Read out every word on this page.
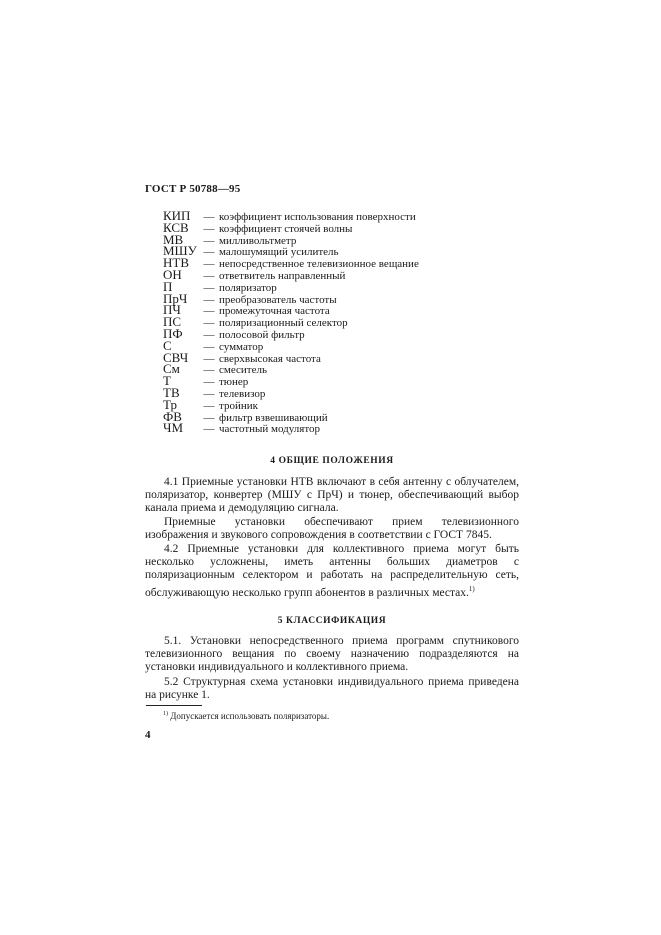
ГОСТ Р 50788—95
КИП	— коэффициент использования поверхности
КСВ	— коэффициент стоячей волны
МВ	— милливольтметр
МШУ — малошумящий усилитель
НТВ	— непосредственное телевизионное вещание
ОН	— ответвитель направленный
П	— поляризатор
ПрЧ	— преобразователь частоты
ПЧ	— промежуточная частота
ПС	— поляризационный селектор
ПФ	— полосовой фильтр
С	— сумматор
СВЧ	— сверхвысокая частота
См	— смеситель
Т	— тюнер
ТВ	— телевизор
Тр	— тройник
ФВ	— фильтр взвешивающий
ЧМ	— частотный модулятор
4 ОБЩИЕ ПОЛОЖЕНИЯ

4.1 Приемные установки НТВ включают в себя антенну с облучателем, поляризатор, конвертер (МШУ с ПрЧ) и тюнер, обеспечивающий выбор канала приема и демодуляцию сигнала.

Приемные установки обеспечивают прием телевизионного изображения и звукового сопровождения в соответствии с ГОСТ 7845.

4.2 Приемные установки для коллективного приема могут быть несколько усложнены, иметь антенны больших диаметров с поляризационным селектором и работать на распределительную сеть, обслуживающую несколько групп абонентов в различных местах.$^{1)}$

5 КЛАССИФИКАЦИЯ

5.1. Установки непосредственного приема программ спутникового телевизионного вещания по своему назначению подразделяются на установки индивидуального и коллективного приема.

5.2 Структурная схема установки индивидуального приема приведена на рисунке 1.

$^{1)}$ Допускается использовать поляризаторы.
4
